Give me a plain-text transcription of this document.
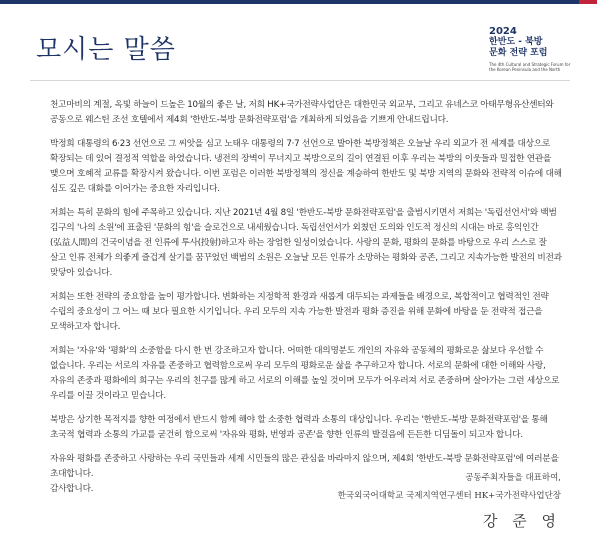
모시는 말씀
2024
한반도 - 북방
문화 전략 포럼
The 4th Cultural and Strategic Forum for the Korean Peninsula and the North

천고마비의 계절, 옥빛 하늘이 드높은 10월의 좋은 날, 저희 HK+국가전략사업단은 대한민국 외교부, 그리고 유네스코 아태무형유산센터와 공동으로 웨스틴 조선 호텔에서 제4회 '한반도-북방 문화전략포럼'을 개최하게 되었음을 기쁘게 안내드립니다.

박정희 대통령의 6·23 선언으로 그 씨앗을 심고 노태우 대통령의 7·7 선언으로 발아한 북방정책은 오늘날 우리 외교가 전 세계를 대상으로 확장되는 데 있어 결정적 역할을 하였습니다. 냉전의 장벽이 무너지고 북방으로의 길이 연결된 이후 우리는 북방의 이웃들과 밀접한 연관을 맺으며 호혜적 교류를 확장시켜 왔습니다. 이번 포럼은 이러한 북방정책의 정신을 계승하여 한반도 및 북방 지역의 문화와 전략적 이슈에 대해 심도 깊은 대화를 이어가는 중요한 자리입니다.

저희는 특히 문화의 힘에 주목하고 있습니다. 지난 2021년 4월 8일 '한반도-북방 문화전략포럼'을 출범시키면서 저희는 '독립선언서'와 백범 김구의 '나의 소원'에 표출된 '문화의 힘'을 슬로건으로 내세웠습니다. 독립선언서가 외쳤던 도의와 인도적 정신의 시대는 바로 홍익인간(弘益人間)의 건국이념을 전 인류에 투사(投射)하고자 하는 장엄한 일성이었습니다. 사랑의 문화, 평화의 문화를 바탕으로 우리 스스로 잘 살고 인류 전체가 의좋게 즐겁게 살기를 꿈꾸었던 백범의 소원은 오늘날 모든 인류가 소망하는 평화와 공존, 그리고 지속가능한 발전의 비전과 맞닿아 있습니다.

저희는 또한 전략의 중요함을 높이 평가합니다. 변화하는 지정학적 환경과 새롭게 대두되는 과제들을 배경으로, 복합적이고 협력적인 전략 수립의 중요성이 그 어느 때 보다 필요한 시기입니다. 우리 모두의 지속 가능한 발전과 평화 증진을 위해 문화에 바탕을 둔 전략적 접근을 모색하고자 합니다.

저희는 '자유'와 '평화'의 소중함을 다시 한 번 강조하고자 합니다. 어떠한 대의명분도 개인의 자유와 공동체의 평화로운 삶보다 우선할 수 없습니다. 우리는 서로의 자유를 존중하고 협력함으로써 우리 모두의 평화로운 삶을 추구하고자 합니다. 서로의 문화에 대한 이해와 사랑, 자유의 존중과 평화에의 희구는 우리의 친구를 많게 하고 서로의 이해를 높일 것이며 모두가 어우러져 서로 존중하며 살아가는 그런 세상으로 우리를 이끌 것이라고 믿습니다.

북방은 상기한 목적지를 향한 여정에서 반드시 함께 해야 할 소중한 협력과 소통의 대상입니다. 우리는 '한반도-북방 문화전략포럼'을 통해 초국적 협력과 소통의 가교를 굳건히 함으로써 '자유와 평화, 번영과 공존'을 향한 인류의 발걸음에 든든한 디딤돌이 되고자 합니다.

자유와 평화를 존중하고 사랑하는 우리 국민들과 세계 시민들의 많은 관심을 바라마지 않으며, 제4회 '한반도-북방 문화전략포럼'에 여러분을 초대합니다.

감사합니다.

공동주최자들을 대표하여,
한국외국어대학교 국제지역연구센터 HK+국가전략사업단장
강 준 영
